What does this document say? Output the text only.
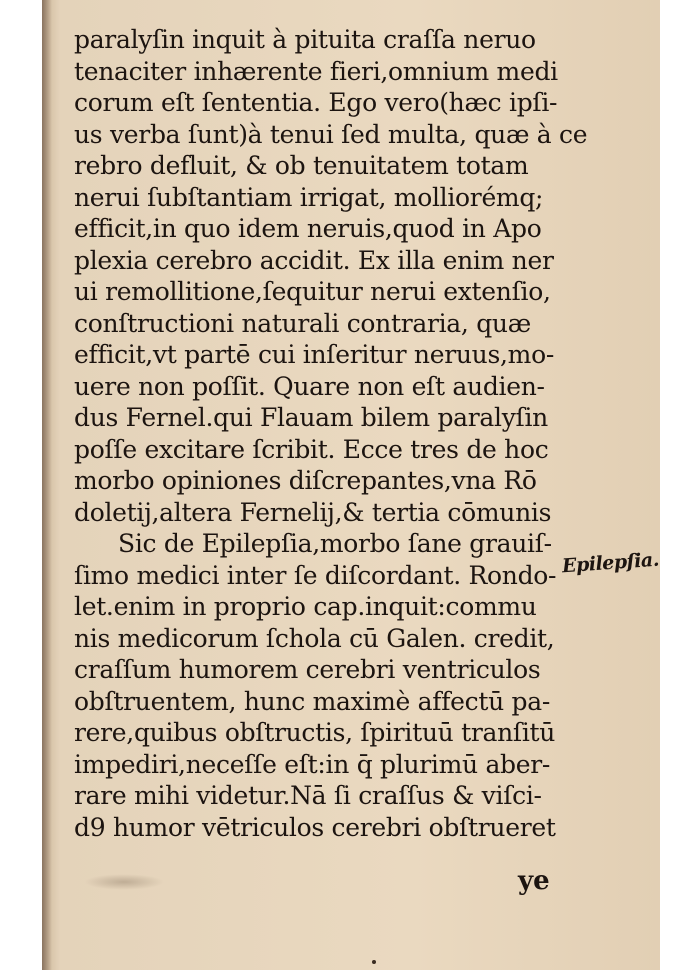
paralyſin inquit à pituita craſſa neruo
tenaciter inhærente fieri,omnium medi
corum eſt ſententia. Ego vero(hæc ipſi-
us verba ſunt)à tenui ſed multa, quæ à ce
rebro defluit, & ob tenuitatem totam
nerui ſubſtantiam irrigat, molliorémq;
efficit,in quo idem neruis,quod in Apo
plexia cerebro accidit. Ex illa enim ner
ui remollitione,ſequitur nerui extenſio,
conſtructioni naturali contraria, quæ
efficit,vt partē cui inſeritur neruus,mo-
uere non poſſit. Quare non eſt audien-
dus Fernel.qui Flauam bilem paralyſin
poſſe excitare ſcribit. Ecce tres de hoc
morbo opiniones diſcrepantes,vna Rō
doletij,altera Fernelij,& tertia cōmunis
Sic de Epilepſia,morbo ſane grauiſ-
ſimo medici inter ſe diſcordant. Rondo-
let.enim in proprio cap.inquit:commu
nis medicorum ſchola cū Galen. credit,
craſſum humorem cerebri ventriculos
obſtruentem, hunc maximè affectū pa-
rere,quibus obſtructis, ſpirituū tranſitū
impediri,neceſſe eſt:in q̄ plurimū aber-
rare mihi videtur.Nā ſi craſſus & viſci-
d9 humor vētriculos cerebri obſtrueret
Epilepſia.
ye
